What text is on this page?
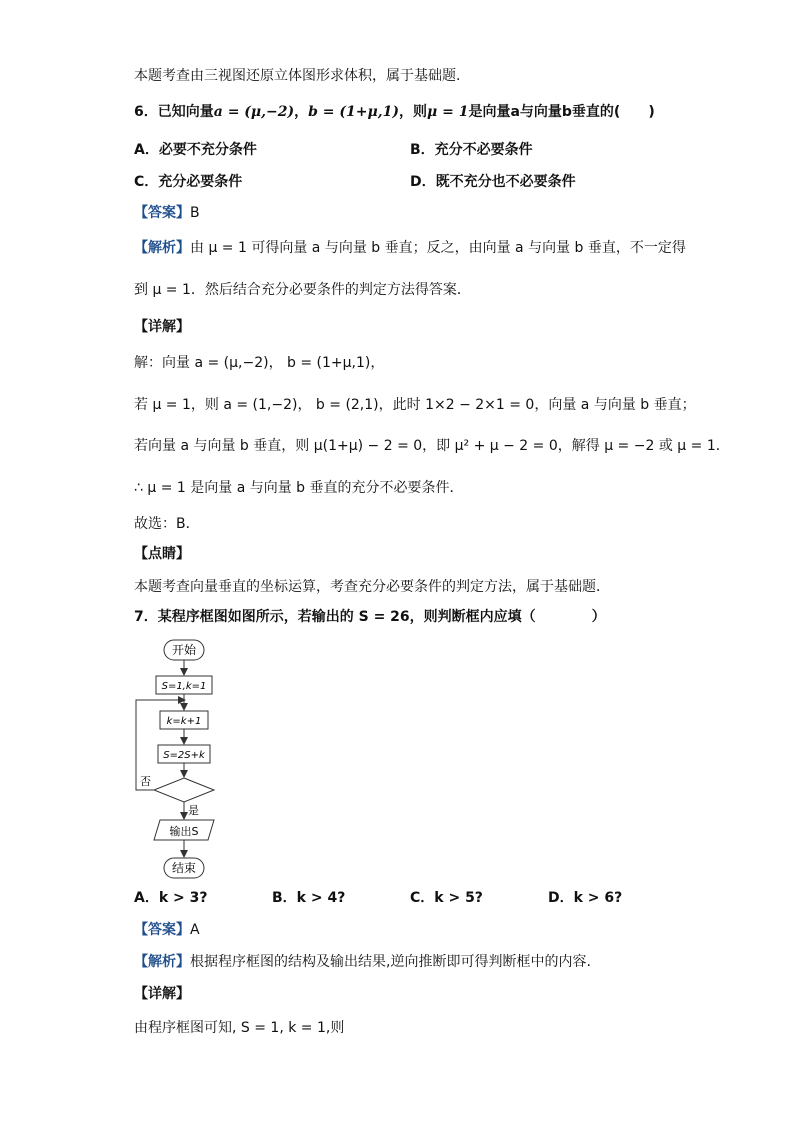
本题考查由三视图还原立体图形求体积，属于基础题.
6．已知向量a = (μ,−2)，b = (1+μ,1)，则μ = 1是向量a与向量b垂直的(　　)
A．必要不充分条件	B．充分不必要条件
C．充分必要条件	D．既不充分也不必要条件
【答案】B
【解析】由 μ = 1 可得向量 a 与向量 b 垂直；反之，由向量 a 与向量 b 垂直，不一定得
到 μ = 1．然后结合充分必要条件的判定方法得答案．
【详解】
解：向量 a = (μ,−2)， b = (1+μ,1)，
若 μ = 1，则 a = (1,−2)， b = (2,1)，此时 1×2 − 2×1 = 0，向量 a 与向量 b 垂直；
若向量 a 与向量 b 垂直，则 μ(1+μ) − 2 = 0，即 μ² + μ − 2 = 0，解得 μ = −2 或 μ = 1．
∴ μ = 1 是向量 a 与向量 b 垂直的充分不必要条件．
故选：B．
【点睛】
本题考查向量垂直的坐标运算，考查充分必要条件的判定方法，属于基础题．
7．某程序框图如图所示，若输出的 S = 26，则判断框内应填（　　　　）
开始
S=1,k=1
k=k+1
S=2S+k
否
是
输出S
结束
A．k > 3?	B．k > 4?	C．k > 5?	D．k > 6?
【答案】A
【解析】根据程序框图的结构及输出结果,逆向推断即可得判断框中的内容.
【详解】
由程序框图可知, S = 1, k = 1,则
